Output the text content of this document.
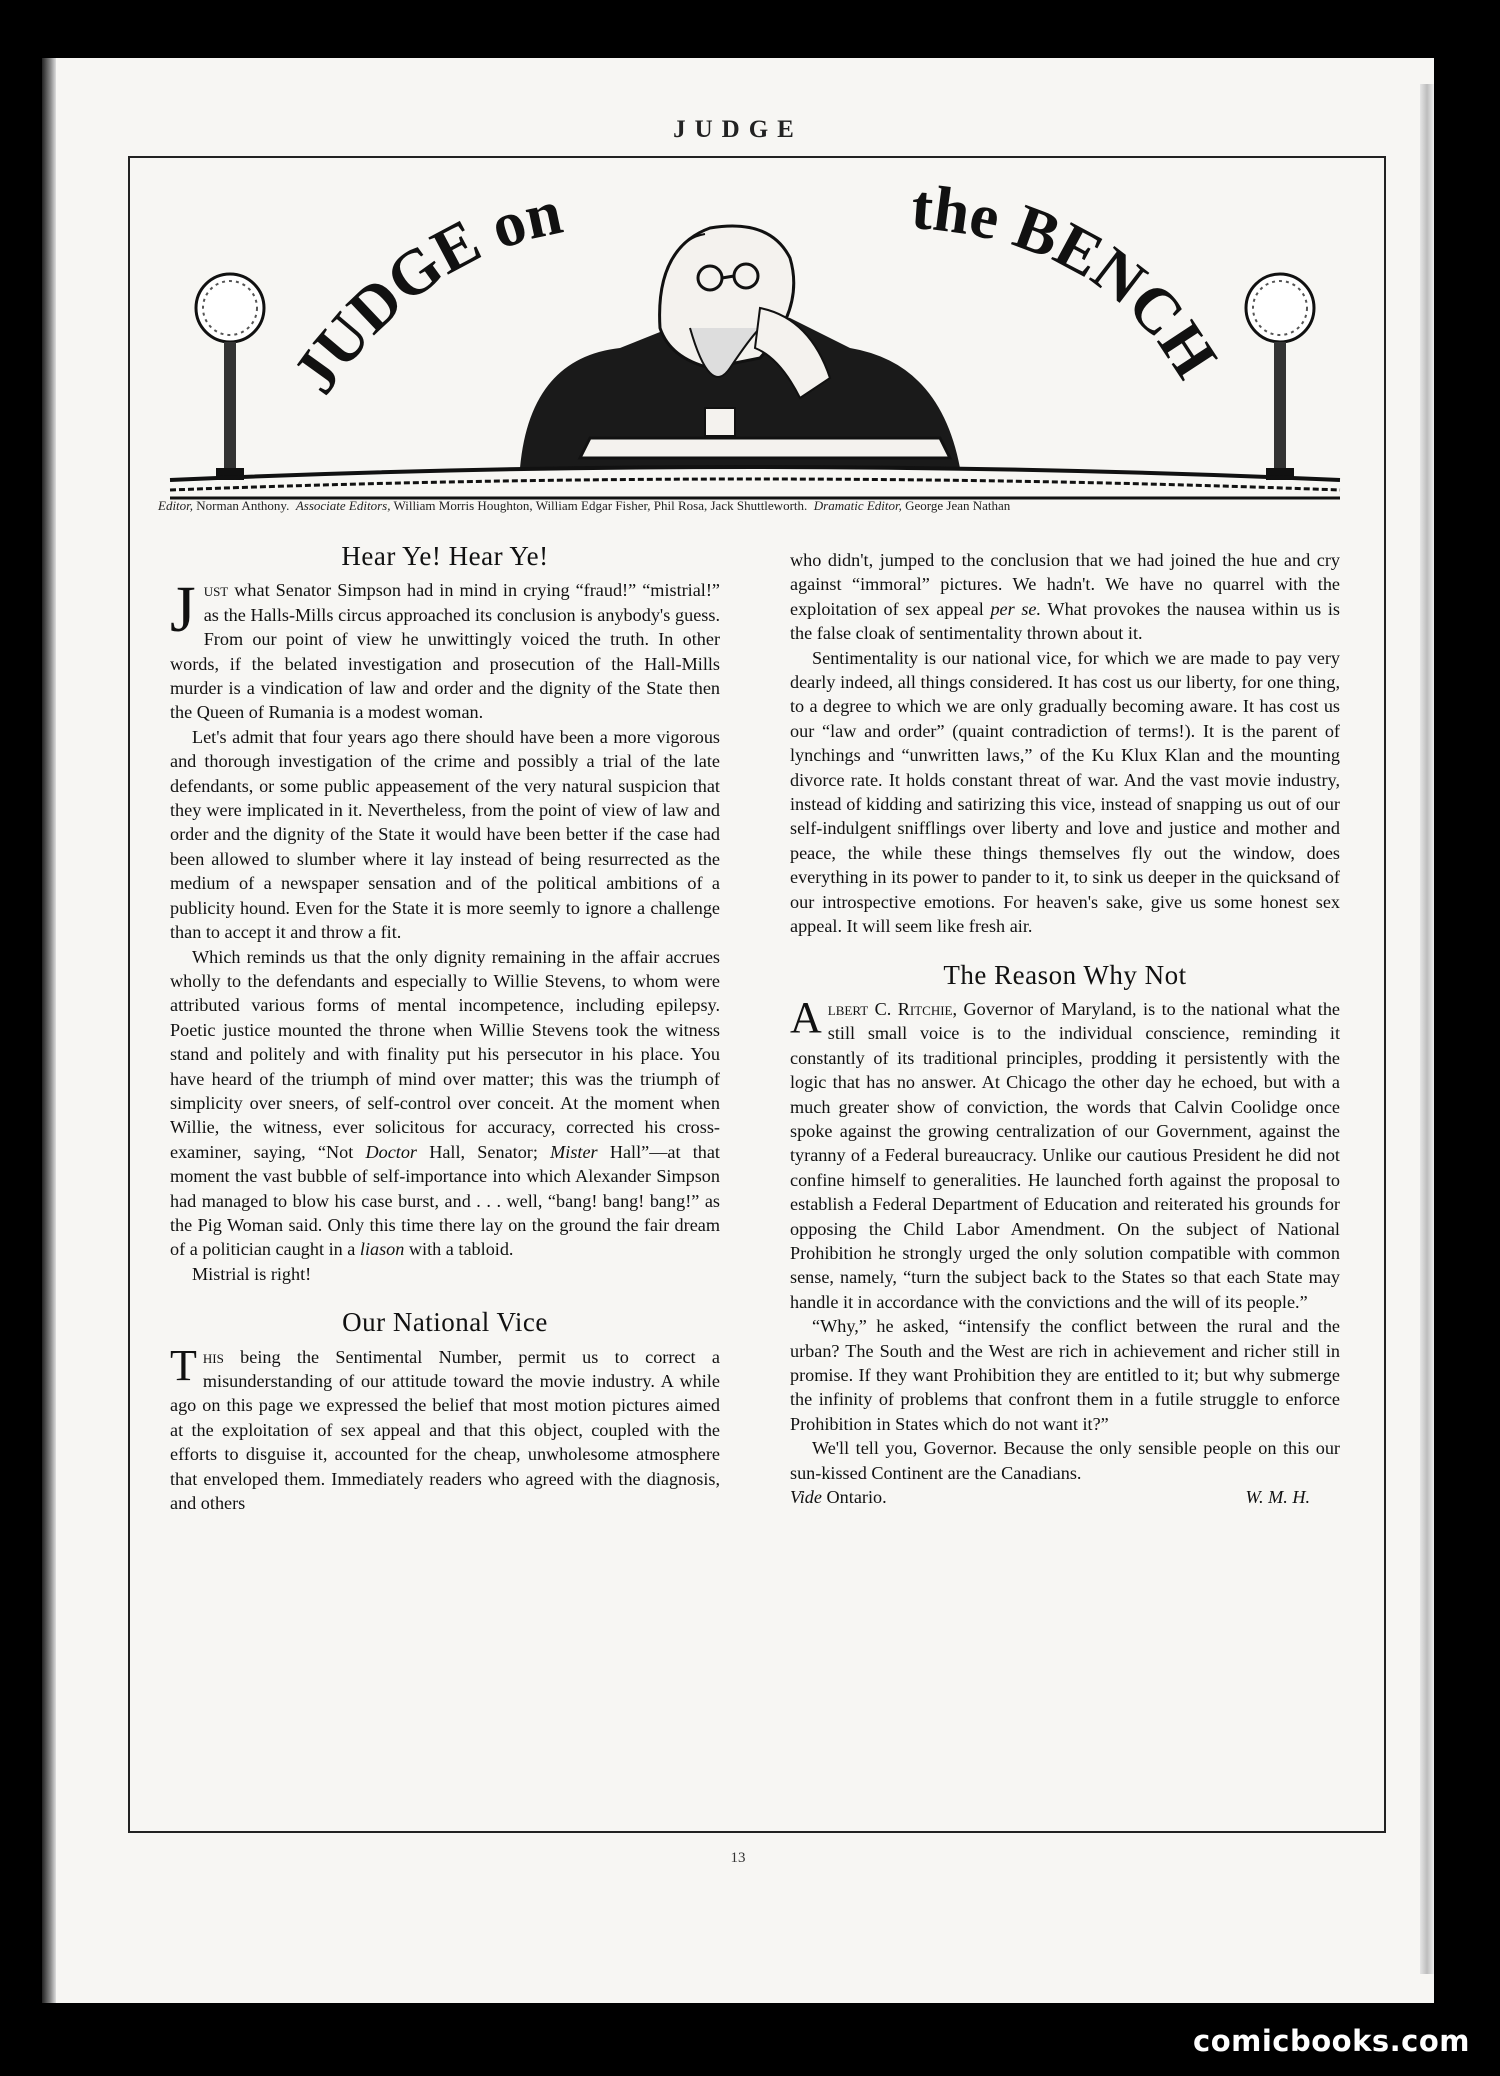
JUDGE
JUDGE on	the BENCH
Editor, Norman Anthony. Associate Editors, William Morris Houghton, William Edgar Fisher, Phil Rosa, Jack Shuttleworth. Dramatic Editor, George Jean Nathan
Hear Ye! Hear Ye!

Just what Senator Simpson had in mind in crying “fraud!” “mistrial!” as the Halls-Mills circus approached its conclusion is anybody's guess. From our point of view he unwittingly voiced the truth. In other words, if the belated investigation and prosecution of the Hall-Mills murder is a vindication of law and order and the dignity of the State then the Queen of Rumania is a modest woman.

Let's admit that four years ago there should have been a more vigorous and thorough investigation of the crime and possibly a trial of the late defendants, or some public appeasement of the very natural suspicion that they were implicated in it. Nevertheless, from the point of view of law and order and the dignity of the State it would have been better if the case had been allowed to slumber where it lay instead of being resurrected as the medium of a newspaper sensation and of the political ambitions of a publicity hound. Even for the State it is more seemly to ignore a challenge than to accept it and throw a fit.

Which reminds us that the only dignity remaining in the affair accrues wholly to the defendants and especially to Willie Stevens, to whom were attributed various forms of mental incompetence, including epilepsy. Poetic justice mounted the throne when Willie Stevens took the witness stand and politely and with finality put his persecutor in his place. You have heard of the triumph of mind over matter; this was the triumph of simplicity over sneers, of self-control over conceit. At the moment when Willie, the witness, ever solicitous for accuracy, corrected his cross-examiner, saying, “Not Doctor Hall, Senator; Mister Hall”—at that moment the vast bubble of self-importance into which Alexander Simpson had managed to blow his case burst, and . . . well, “bang! bang! bang!” as the Pig Woman said. Only this time there lay on the ground the fair dream of a politician caught in a liason with a tabloid.

Mistrial is right!

Our National Vice

This being the Sentimental Number, permit us to correct a misunderstanding of our attitude toward the movie industry. A while ago on this page we expressed the belief that most motion pictures aimed at the exploitation of sex appeal and that this object, coupled with the efforts to disguise it, accounted for the cheap, unwholesome atmosphere that enveloped them. Immediately readers who agreed with the diagnosis, and others

who didn't, jumped to the conclusion that we had joined the hue and cry against “immoral” pictures. We hadn't. We have no quarrel with the exploitation of sex appeal per se. What provokes the nausea within us is the false cloak of sentimentality thrown about it.

Sentimentality is our national vice, for which we are made to pay very dearly indeed, all things considered. It has cost us our liberty, for one thing, to a degree to which we are only gradually becoming aware. It has cost us our “law and order” (quaint contradiction of terms!). It is the parent of lynchings and “unwritten laws,” of the Ku Klux Klan and the mounting divorce rate. It holds constant threat of war. And the vast movie industry, instead of kidding and satirizing this vice, instead of snapping us out of our self-indulgent snifflings over liberty and love and justice and mother and peace, the while these things themselves fly out the window, does everything in its power to pander to it, to sink us deeper in the quicksand of our introspective emotions. For heaven's sake, give us some honest sex appeal. It will seem like fresh air.

The Reason Why Not

Albert C. Ritchie, Governor of Maryland, is to the national what the still small voice is to the individual conscience, reminding it constantly of its traditional principles, prodding it persistently with the logic that has no answer. At Chicago the other day he echoed, but with a much greater show of conviction, the words that Calvin Coolidge once spoke against the growing centralization of our Government, against the tyranny of a Federal bureaucracy. Unlike our cautious President he did not confine himself to generalities. He launched forth against the proposal to establish a Federal Department of Education and reiterated his grounds for opposing the Child Labor Amendment. On the subject of National Prohibition he strongly urged the only solution compatible with common sense, namely, “turn the subject back to the States so that each State may handle it in accordance with the convictions and the will of its people.”

“Why,” he asked, “intensify the conflict between the rural and the urban? The South and the West are rich in achievement and richer still in promise. If they want Prohibition they are entitled to it; but why submerge the infinity of problems that confront them in a futile struggle to enforce Prohibition in States which do not want it?”

We'll tell you, Governor. Because the only sensible people on this our sun-kissed Continent are the Canadians.

Vide Ontario.	W. M. H.
13
comicbooks.com
